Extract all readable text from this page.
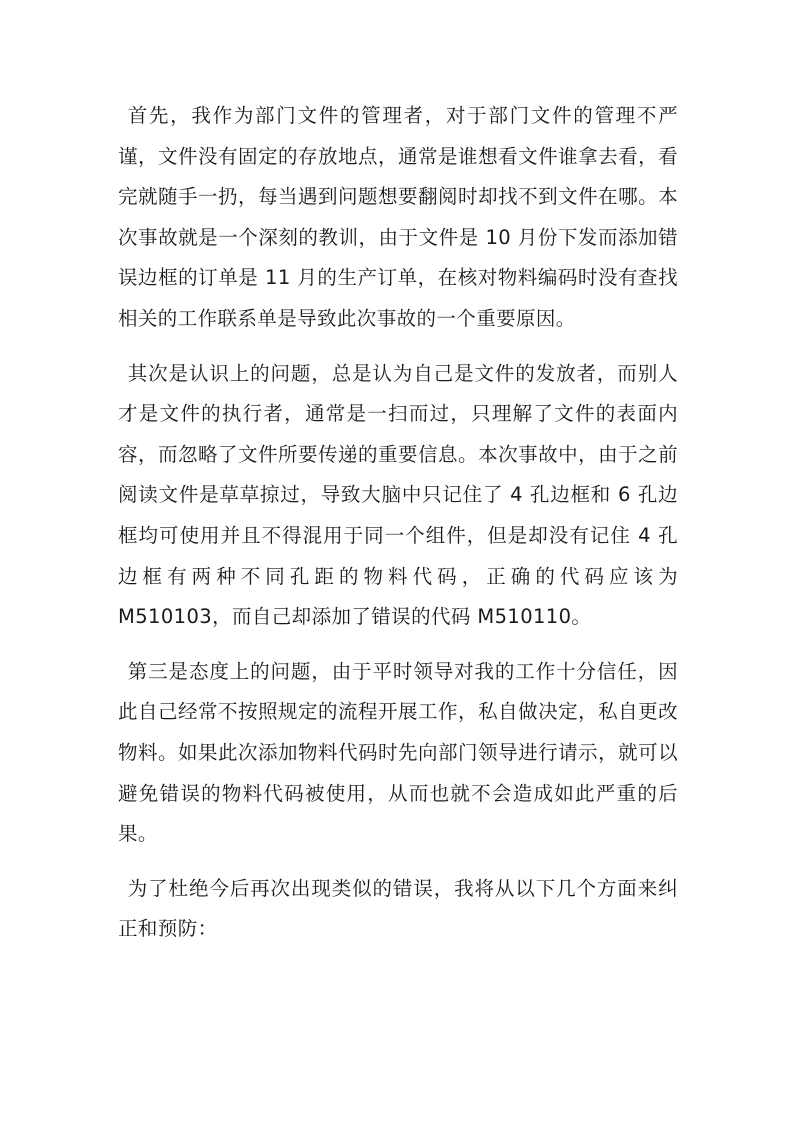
首先，我作为部门文件的管理者，对于部门文件的管理不严谨，文件没有固定的存放地点，通常是谁想看文件谁拿去看，看完就随手一扔，每当遇到问题想要翻阅时却找不到文件在哪。本次事故就是一个深刻的教训，由于文件是 10 月份下发而添加错误边框的订单是 11 月的生产订单，在核对物料编码时没有查找相关的工作联系单是导致此次事故的一个重要原因。

其次是认识上的问题，总是认为自己是文件的发放者，而别人才是文件的执行者，通常是一扫而过，只理解了文件的表面内容，而忽略了文件所要传递的重要信息。本次事故中，由于之前阅读文件是草草掠过，导致大脑中只记住了 4 孔边框和 6 孔边框均可使用并且不得混用于同一个组件，但是却没有记住 4 孔边框有两种不同孔距的物料代码，正确的代码应该为 M510103，而自己却添加了错误的代码 M510110。

第三是态度上的问题，由于平时领导对我的工作十分信任，因此自己经常不按照规定的流程开展工作，私自做决定，私自更改物料。如果此次添加物料代码时先向部门领导进行请示，就可以避免错误的物料代码被使用，从而也就不会造成如此严重的后果。

为了杜绝今后再次出现类似的错误，我将从以下几个方面来纠正和预防：
